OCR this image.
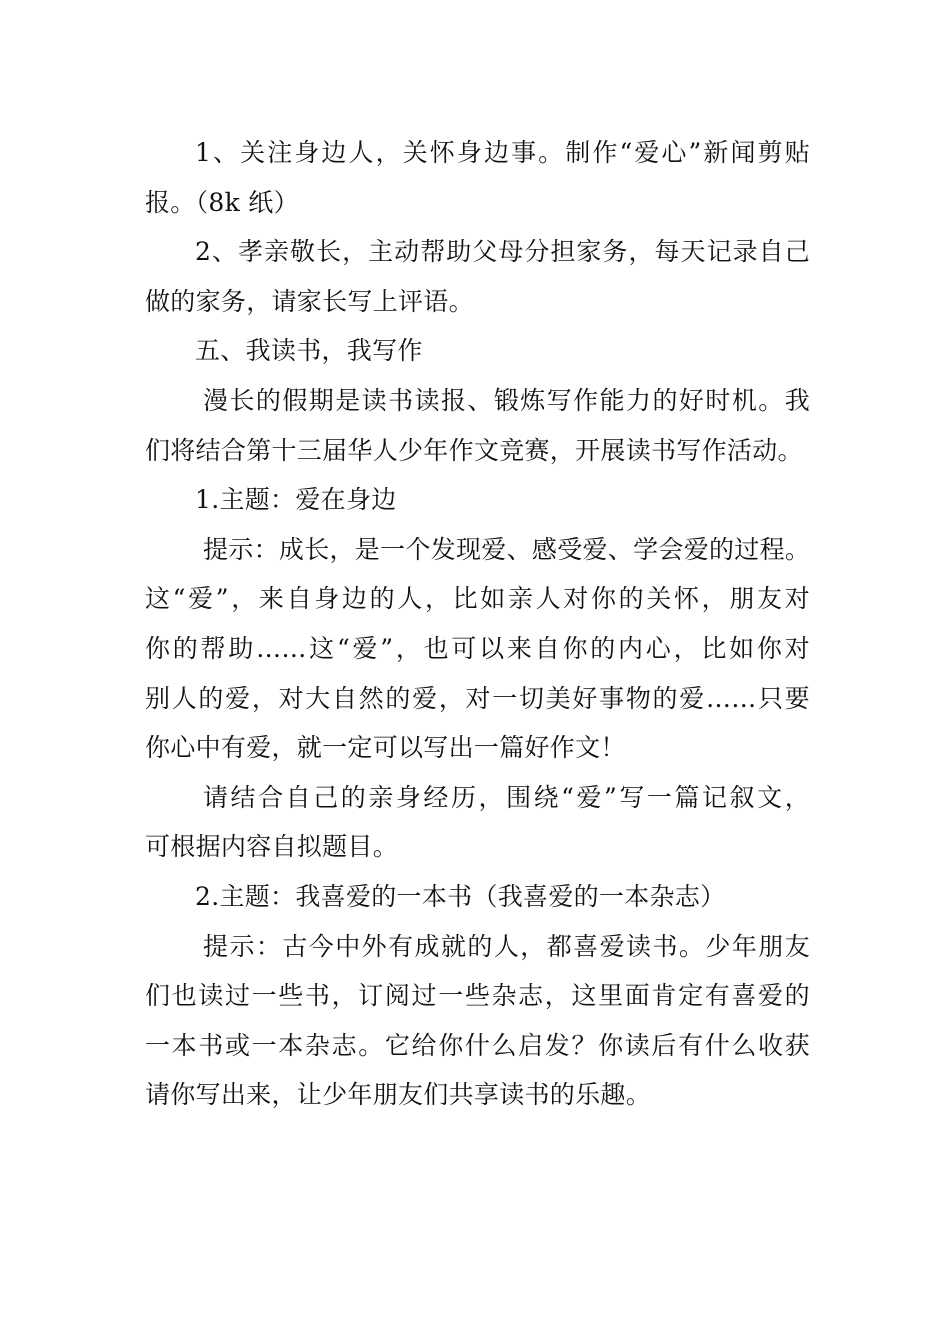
1、关注身边人，关怀身边事。制作“爱心”新闻剪贴
报。（8k 纸）
2、孝亲敬长，主动帮助父母分担家务，每天记录自己
做的家务，请家长写上评语。
五、我读书，我写作
漫长的假期是读书读报、锻炼写作能力的好时机。我
们将结合第十三届华人少年作文竞赛，开展读书写作活动。
1.主题：爱在身边
提示：成长，是一个发现爱、感受爱、学会爱的过程。
这“爱”，来自身边的人，比如亲人对你的关怀，朋友对
你的帮助……这“爱”，也可以来自你的内心，比如你对
别人的爱，对大自然的爱，对一切美好事物的爱……只要
你心中有爱，就一定可以写出一篇好作文！
请结合自己的亲身经历，围绕“爱”写一篇记叙文，
可根据内容自拟题目。
2.主题：我喜爱的一本书（我喜爱的一本杂志）
提示：古今中外有成就的人，都喜爱读书。少年朋友
们也读过一些书，订阅过一些杂志，这里面肯定有喜爱的
一本书或一本杂志。它给你什么启发？你读后有什么收获
请你写出来，让少年朋友们共享读书的乐趣。
